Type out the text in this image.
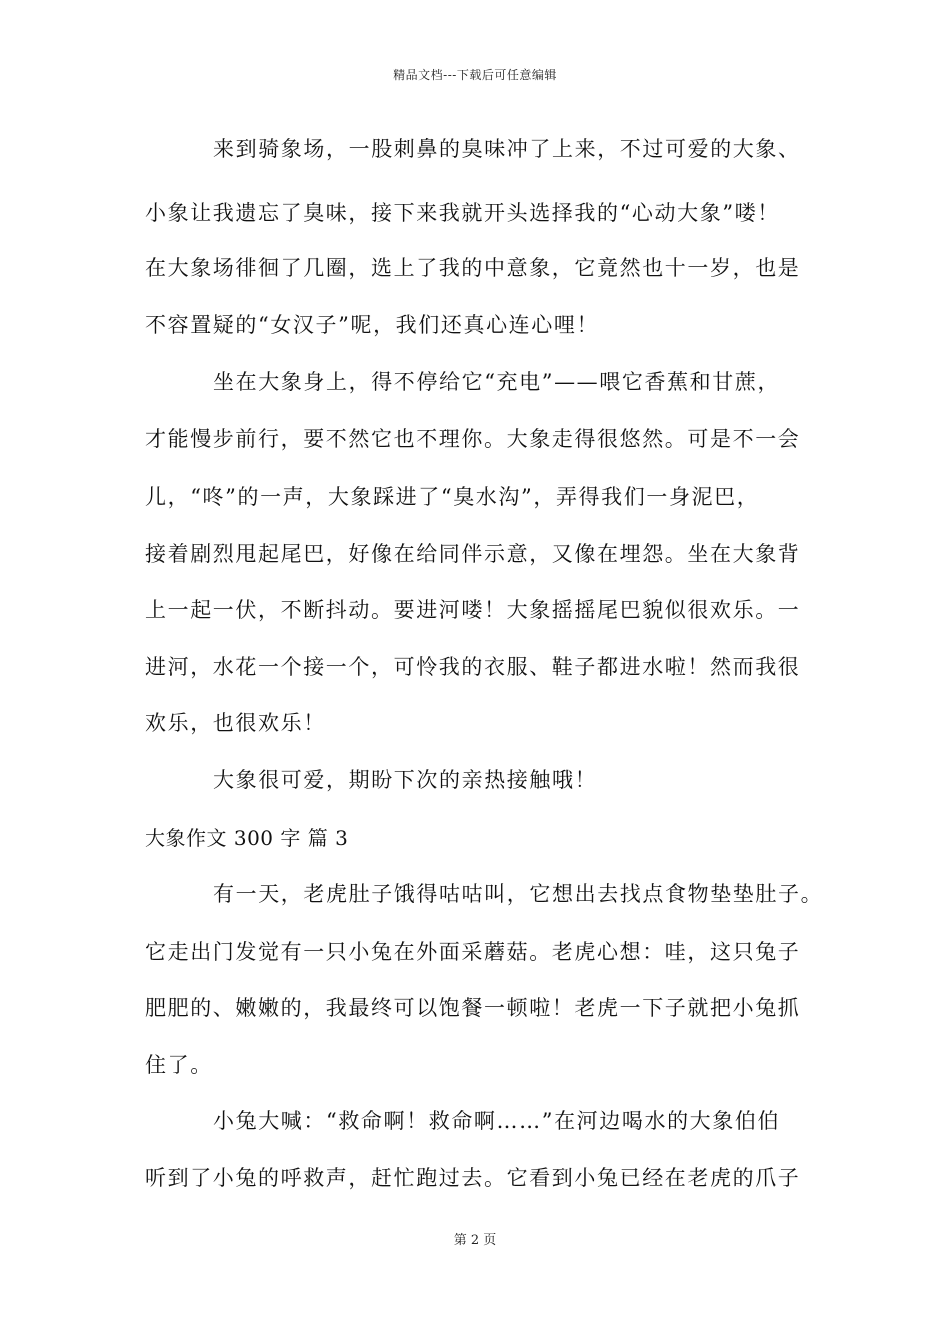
精品文档---下载后可任意编辑
来到骑象场，一股刺鼻的臭味冲了上来，不过可爱的大象、
小象让我遗忘了臭味，接下来我就开头选择我的“心动大象”喽！
在大象场徘徊了几圈，选上了我的中意象，它竟然也十一岁，也是
不容置疑的“女汉子”呢，我们还真心连心哩！
坐在大象身上，得不停给它“充电”——喂它香蕉和甘蔗，
才能慢步前行，要不然它也不理你。大象走得很悠然。可是不一会
儿，“咚”的一声，大象踩进了“臭水沟”，弄得我们一身泥巴，
接着剧烈甩起尾巴，好像在给同伴示意，又像在埋怨。坐在大象背
上一起一伏，不断抖动。要进河喽！大象摇摇尾巴貌似很欢乐。一
进河，水花一个接一个，可怜我的衣服、鞋子都进水啦！然而我很
欢乐，也很欢乐！
大象很可爱，期盼下次的亲热接触哦！
大象作文 300 字 篇 3
有一天，老虎肚子饿得咕咕叫，它想出去找点食物垫垫肚子。
它走出门发觉有一只小兔在外面采蘑菇。老虎心想：哇，这只兔子
肥肥的、嫩嫩的，我最终可以饱餐一顿啦！老虎一下子就把小兔抓
住了。
小兔大喊：“救命啊！救命啊……”在河边喝水的大象伯伯
听到了小兔的呼救声，赶忙跑过去。它看到小兔已经在老虎的爪子
第 2 页
